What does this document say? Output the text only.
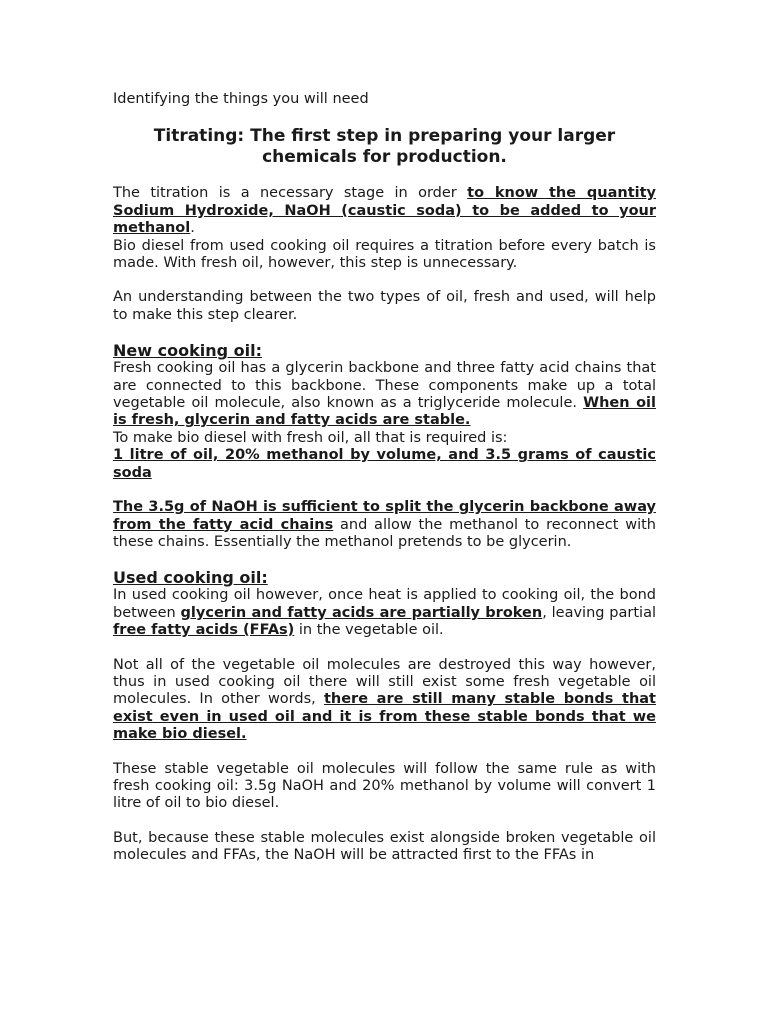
Identifying the things you will need
Titrating: The first step in preparing your larger chemicals for production.

The titration is a necessary stage in order to know the quantity Sodium Hydroxide, NaOH (caustic soda) to be added to your methanol.

Bio diesel from used cooking oil requires a titration before every batch is made. With fresh oil, however, this step is unnecessary.

An understanding between the two types of oil, fresh and used, will help to make this step clearer.

New cooking oil:

Fresh cooking oil has a glycerin backbone and three fatty acid chains that are connected to this backbone. These components make up a total vegetable oil molecule, also known as a triglyceride molecule. When oil is fresh, glycerin and fatty acids are stable.

To make bio diesel with fresh oil, all that is required is:

1 litre of oil, 20% methanol by volume, and 3.5 grams of caustic soda

The 3.5g of NaOH is sufficient to split the glycerin backbone away from the fatty acid chains and allow the methanol to reconnect with these chains. Essentially the methanol pretends to be glycerin.

Used cooking oil:

In used cooking oil however, once heat is applied to cooking oil, the bond between glycerin and fatty acids are partially broken, leaving partial free fatty acids (FFAs) in the vegetable oil.

Not all of the vegetable oil molecules are destroyed this way however, thus in used cooking oil there will still exist some fresh vegetable oil molecules. In other words, there are still many stable bonds that exist even in used oil and it is from these stable bonds that we make bio diesel.

These stable vegetable oil molecules will follow the same rule as with fresh cooking oil: 3.5g NaOH and 20% methanol by volume will convert 1 litre of oil to bio diesel.

But, because these stable molecules exist alongside broken vegetable oil molecules and FFAs, the NaOH will be attracted first to the FFAs in
